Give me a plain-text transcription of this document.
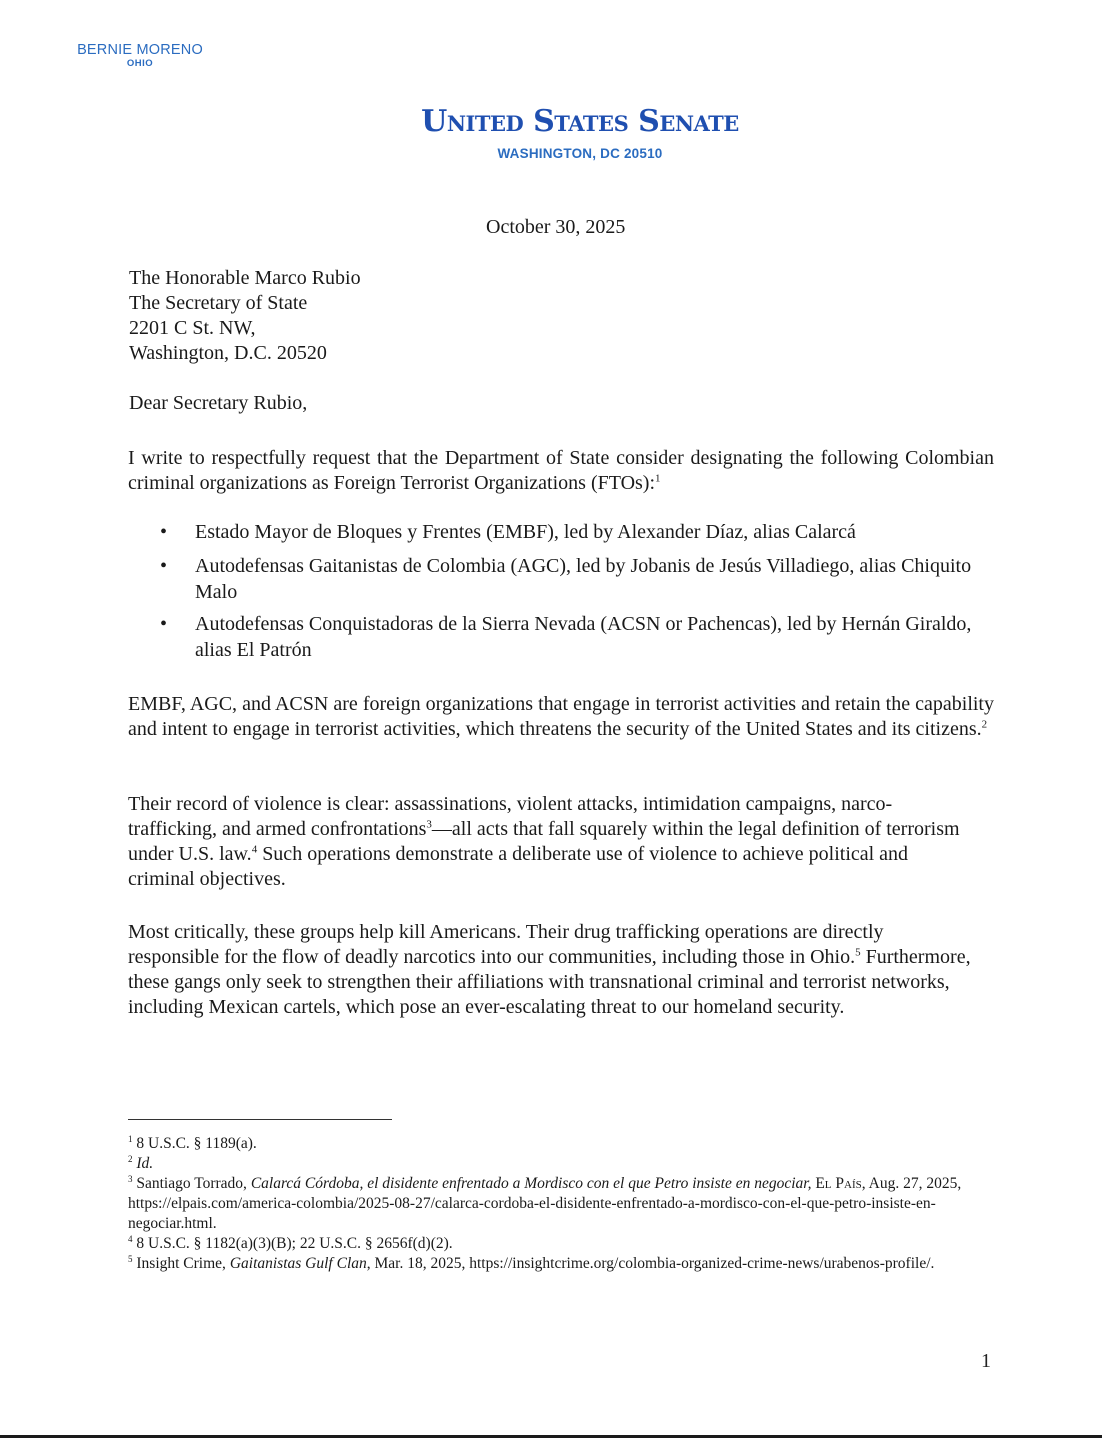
BERNIE MORENO
OHIO
United States Senate
WASHINGTON, DC 20510
October 30, 2025
The Honorable Marco Rubio
The Secretary of State
2201 C St. NW,
Washington, D.C. 20520
Dear Secretary Rubio,
I write to respectfully request that the Department of State consider designating the following Colombian criminal organizations as Foreign Terrorist Organizations (FTOs):$^1$
• Estado Mayor de Bloques y Frentes (EMBF), led by Alexander Díaz, alias Calarcá
• Autodefensas Gaitanistas de Colombia (AGC), led by Jobanis de Jesús Villadiego, alias Chiquito Malo
• Autodefensas Conquistadoras de la Sierra Nevada (ACSN or Pachencas), led by Hernán Giraldo, alias El Patrón
EMBF, AGC, and ACSN are foreign organizations that engage in terrorist activities and retain the capability and intent to engage in terrorist activities, which threatens the security of the United States and its citizens.$^2$
Their record of violence is clear: assassinations, violent attacks, intimidation campaigns, narco-trafficking, and armed confrontations$^3$—all acts that fall squarely within the legal definition of terrorism under U.S. law.$^4$ Such operations demonstrate a deliberate use of violence to achieve political and criminal objectives.
Most critically, these groups help kill Americans. Their drug trafficking operations are directly responsible for the flow of deadly narcotics into our communities, including those in Ohio.$^5$ Furthermore, these gangs only seek to strengthen their affiliations with transnational criminal and terrorist networks, including Mexican cartels, which pose an ever-escalating threat to our homeland security.
$^1$ 8 U.S.C. § 1189(a).
$^2$ Id.
$^3$ Santiago Torrado, Calarcá Córdoba, el disidente enfrentado a Mordisco con el que Petro insiste en negociar, El País, Aug. 27, 2025, https://elpais.com/america-colombia/2025-08-27/calarca-cordoba-el-disidente-enfrentado-a-mordisco-con-el-que-petro-insiste-en-negociar.html.
$^4$ 8 U.S.C. § 1182(a)(3)(B); 22 U.S.C. § 2656f(d)(2).
$^5$ Insight Crime, Gaitanistas Gulf Clan, Mar. 18, 2025, https://insightcrime.org/colombia-organized-crime-news/urabenos-profile/.
1
